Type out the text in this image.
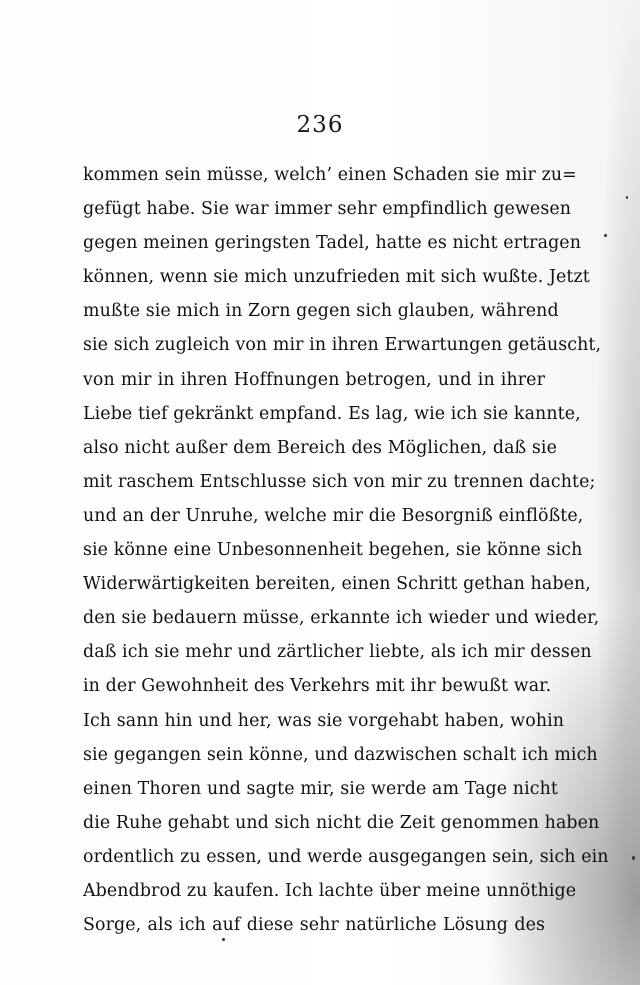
236
kommen sein müsse, welch’ einen Schaden sie mir zu=
gefügt habe. Sie war immer sehr empfindlich gewesen
gegen meinen geringsten Tadel, hatte es nicht ertragen
können, wenn sie mich unzufrieden mit sich wußte. Jetzt
mußte sie mich in Zorn gegen sich glauben, während
sie sich zugleich von mir in ihren Erwartungen getäuscht,
von mir in ihren Hoffnungen betrogen, und in ihrer
Liebe tief gekränkt empfand. Es lag, wie ich sie kannte,
also nicht außer dem Bereich des Möglichen, daß sie
mit raschem Entschlusse sich von mir zu trennen dachte;
und an der Unruhe, welche mir die Besorgniß einflößte,
sie könne eine Unbesonnenheit begehen, sie könne sich
Widerwärtigkeiten bereiten, einen Schritt gethan haben,
den sie bedauern müsse, erkannte ich wieder und wieder,
daß ich sie mehr und zärtlicher liebte, als ich mir dessen
in der Gewohnheit des Verkehrs mit ihr bewußt war.
Ich sann hin und her, was sie vorgehabt haben, wohin
sie gegangen sein könne, und dazwischen schalt ich mich
einen Thoren und sagte mir, sie werde am Tage nicht
die Ruhe gehabt und sich nicht die Zeit genommen haben
ordentlich zu essen, und werde ausgegangen sein, sich ein
Abendbrod zu kaufen. Ich lachte über meine unnöthige
Sorge, als ich auf diese sehr natürliche Lösung des
